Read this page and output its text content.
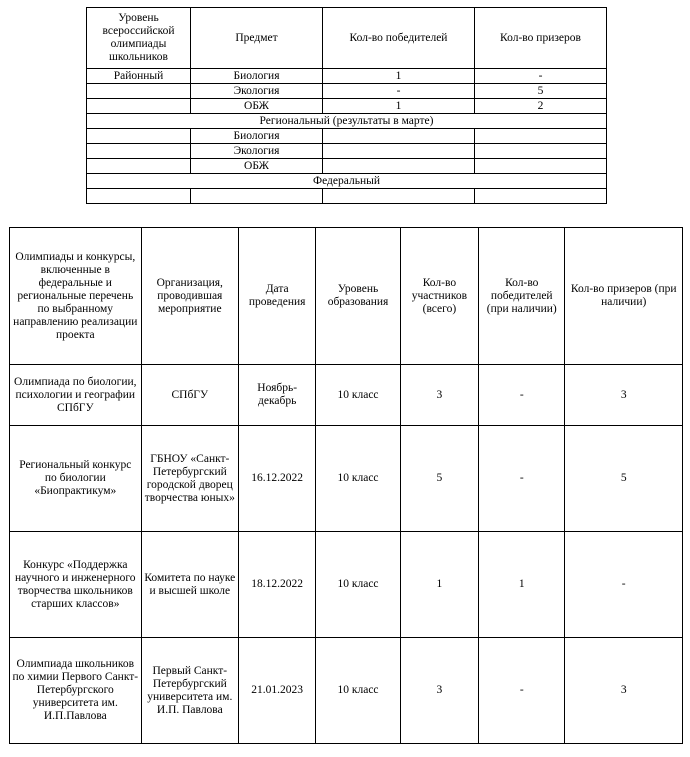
Уровень всероссийской олимпиады школьников	Предмет	Кол-во победителей	Кол-во призеров
Районный	Биология	1	-
	Экология	-	5
	ОБЖ	1	2
Региональный (результаты в марте)			
	Биология		
	Экология		
	ОБЖ		
Федеральный			

Олимпиады и конкурсы, включенные в федеральные и региональные перечень по выбранному направлению реализации проекта	Организация, проводившая мероприятие	Дата проведения	Уровень образования	Кол-во участников (всего)	Кол-во победителей (при наличии)	Кол-во призеров (при наличии)
Олимпиада по биологии, психологии и географии СПбГУ	СПбГУ	Ноябрь-декабрь	10 класс	3	-	3
Региональный конкурс по биологии «Биопрактикум»	ГБНОУ «Санкт-Петербургский городской дворец творчества юных»	16.12.2022	10 класс	5	-	5
Конкурс «Поддержка научного и инженерного творчества школьников старших классов»	Комитета по науке и высшей школе	18.12.2022	10 класс	1	1	-
Олимпиада школьников по химии Первого Санкт-Петербургского университета им. И.П.Павлова	Первый Санкт-Петербургский университета им. И.П. Павлова	21.01.2023	10 класс	3	-	3
